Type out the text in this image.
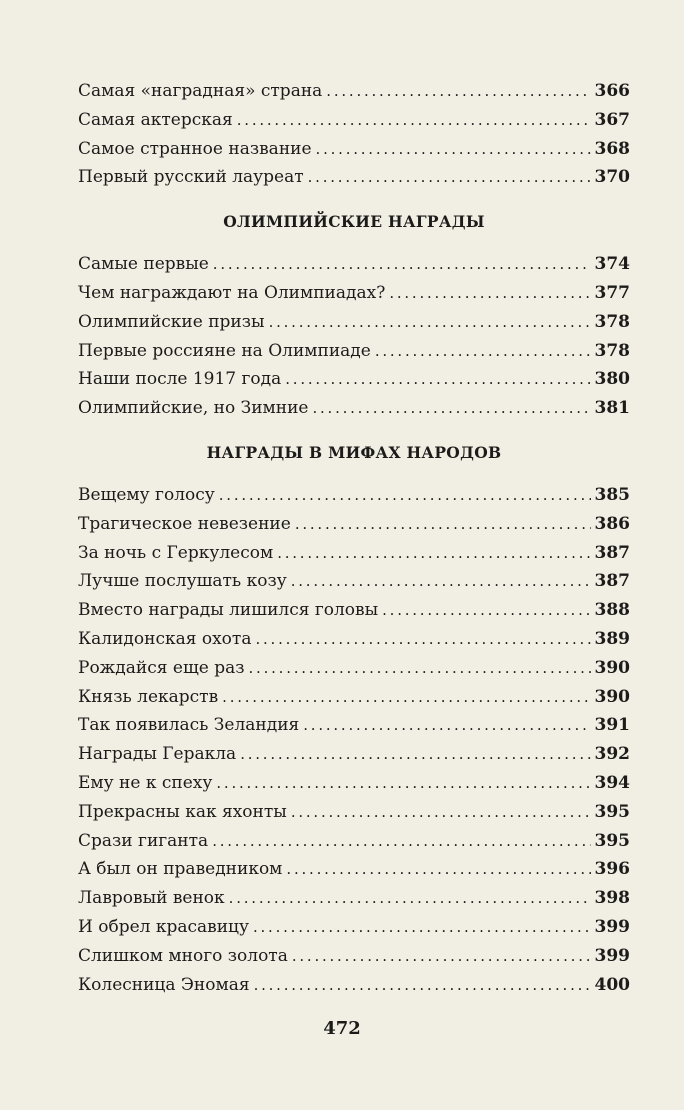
Самая «наградная» страна . . .	366
Самая актерская . . .	367
Самое странное название . . .	368
Первый русский лауреат . . .	370
ОЛИМПИЙСКИЕ НАГРАДЫ
Самые первые . . .	374
Чем награждают на Олимпиадах? . . .	377
Олимпийские призы . . .	378
Первые россияне на Олимпиаде . . .	378
Наши после 1917 года . . .	380
Олимпийские, но Зимние . . .	381
НАГРАДЫ В МИФАХ НАРОДОВ
Вещему голосу . . .	385
Трагическое невезение . . .	386
За ночь с Геркулесом . . .	387
Лучше послушать козу . . .	387
Вместо награды лишился головы . . .	388
Калидонская охота . . .	389
Рождайся еще раз . . .	390
Князь лекарств . . .	390
Так появилась Зеландия . . .	391
Награды Геракла . . .	392
Ему не к спеху . . .	394
Прекрасны как яхонты . . .	395
Срази гиганта . . .	395
А был он праведником . . .	396
Лавровый венок . . .	398
И обрел красавицу . . .	399
Слишком много золота . . .	399
Колесница Эномая . . .	400
472
